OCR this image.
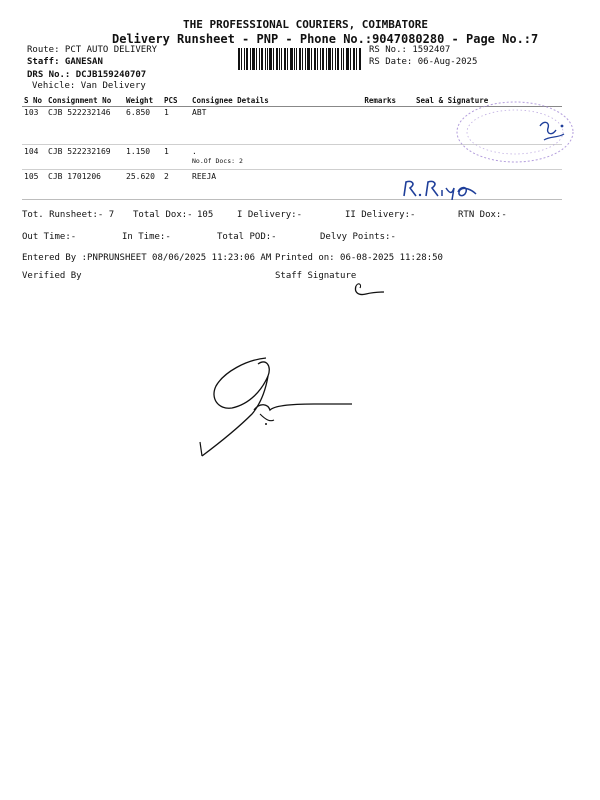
THE PROFESSIONAL COURIERS, COIMBATORE
Delivery Runsheet - PNP - Phone No.:9047080280 - Page No.:7
Route: PCT AUTO DELIVERY
Staff: GANESAN
DRS No.: DCJB159240707
Vehicle: Van Delivery
RS No.: 1592407
RS Date: 06-Aug-2025
S No	Consignment No	Weight	PCS	Consignee Details	Remarks	Seal & Signature
103	CJB 522232146	6.850	1	ABT		
104	CJB 522232169	1.150	1	.
No.Of Docs: 2		

105	CJB 1701206	25.620	2	REEJA		
Tot. Runsheet:- 7 Total Dox:- 105	I Delivery:-	II Delivery:-	RTN Dox:-
Out Time:-	In Time:-	Total POD:-	Delvy Points:-
Entered By :PNPRUNSHEET 08/06/2025 11:23:06 AM Printed on: 06-08-2025 11:28:50
Verified By	Staff Signature
